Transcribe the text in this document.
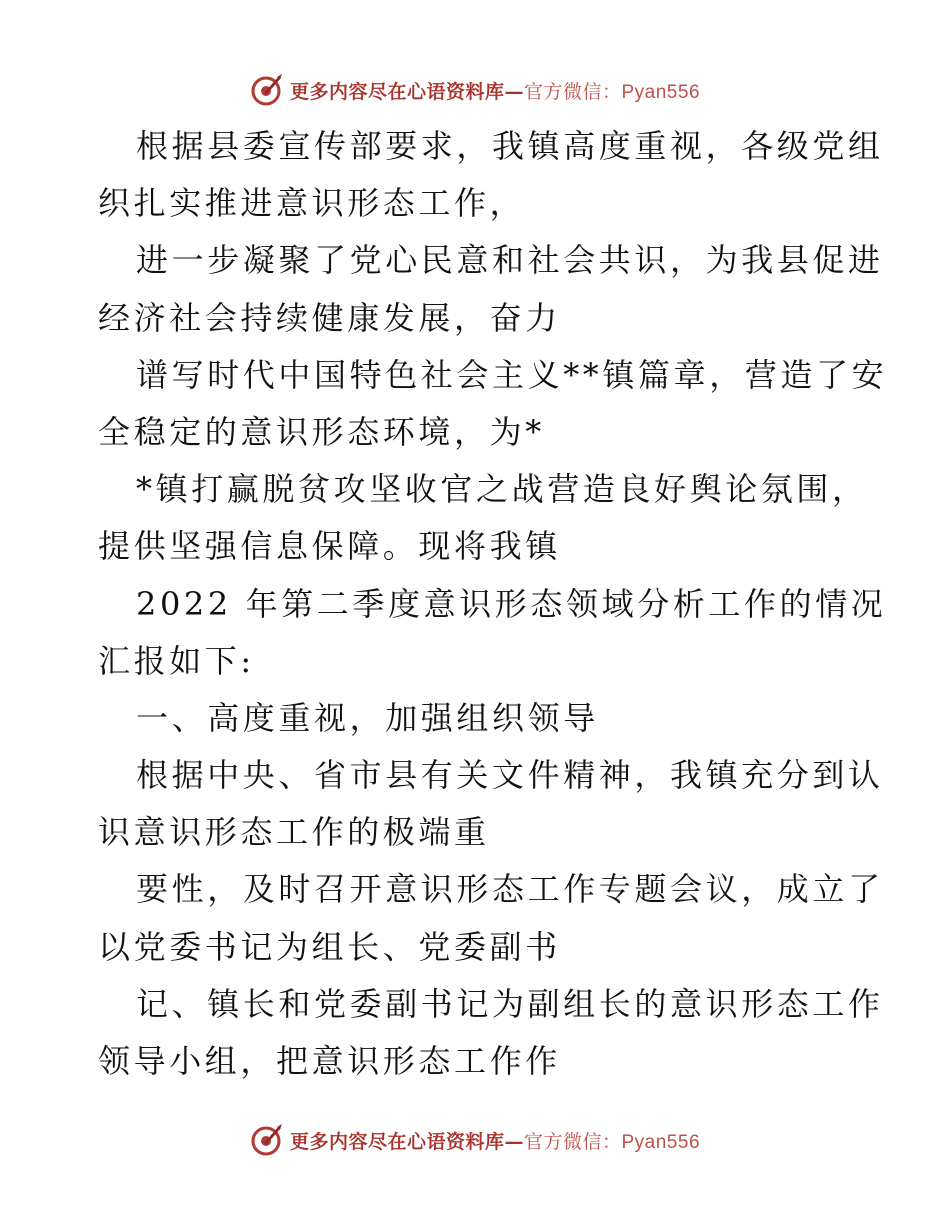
更多内容尽在心语资料库—官方微信：Pyan556
根据县委宣传部要求，我镇高度重视，各级党组
织扎实推进意识形态工作，
进一步凝聚了党心民意和社会共识，为我县促进
经济社会持续健康发展，奋力
谱写时代中国特色社会主义**镇篇章，营造了安
全稳定的意识形态环境，为*
*镇打赢脱贫攻坚收官之战营造良好舆论氛围，
提供坚强信息保障。现将我镇
2022 年第二季度意识形态领域分析工作的情况
汇报如下:
一、高度重视，加强组织领导
根据中央、省市县有关文件精神，我镇充分到认
识意识形态工作的极端重
要性，及时召开意识形态工作专题会议，成立了
以党委书记为组长、党委副书
记、镇长和党委副书记为副组长的意识形态工作
领导小组，把意识形态工作作
更多内容尽在心语资料库—官方微信：Pyan556
